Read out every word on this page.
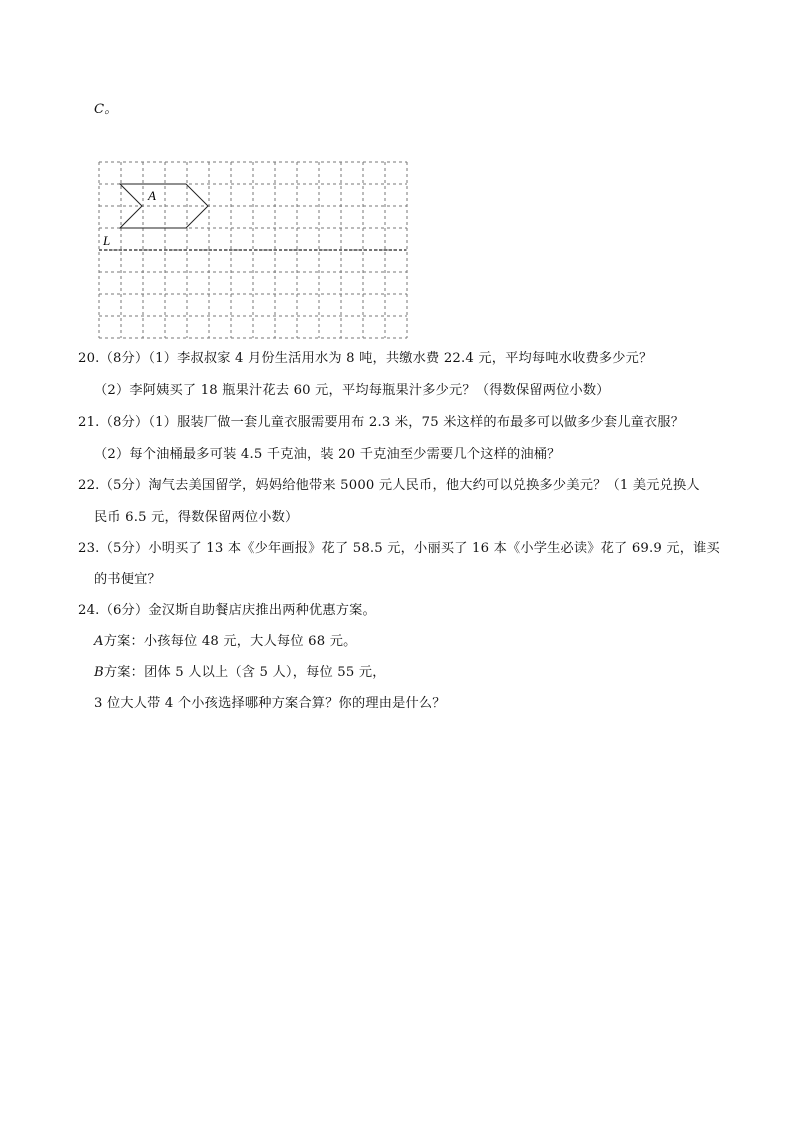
C。
A
L
20.（8分）（1）李叔叔家 4 月份生活用水为 8 吨，共缴水费 22.4 元，平均每吨水收费多少元？
（2）李阿姨买了 18 瓶果汁花去 60 元，平均每瓶果汁多少元？（得数保留两位小数）
21.（8分）（1）服装厂做一套儿童衣服需要用布 2.3 米，75 米这样的布最多可以做多少套儿童衣服？
（2）每个油桶最多可装 4.5 千克油，装 20 千克油至少需要几个这样的油桶？
22.（5分）淘气去美国留学，妈妈给他带来 5000 元人民币，他大约可以兑换多少美元？（1 美元兑换人
民币 6.5 元，得数保留两位小数）
23.（5分）小明买了 13 本《少年画报》花了 58.5 元，小丽买了 16 本《小学生必读》花了 69.9 元，谁买
的书便宜？
24.（6分）金汉斯自助餐店庆推出两种优惠方案。
A方案：小孩每位 48 元，大人每位 68 元。
B方案：团体 5 人以上（含 5 人），每位 55 元，
3 位大人带 4 个小孩选择哪种方案合算？你的理由是什么？
